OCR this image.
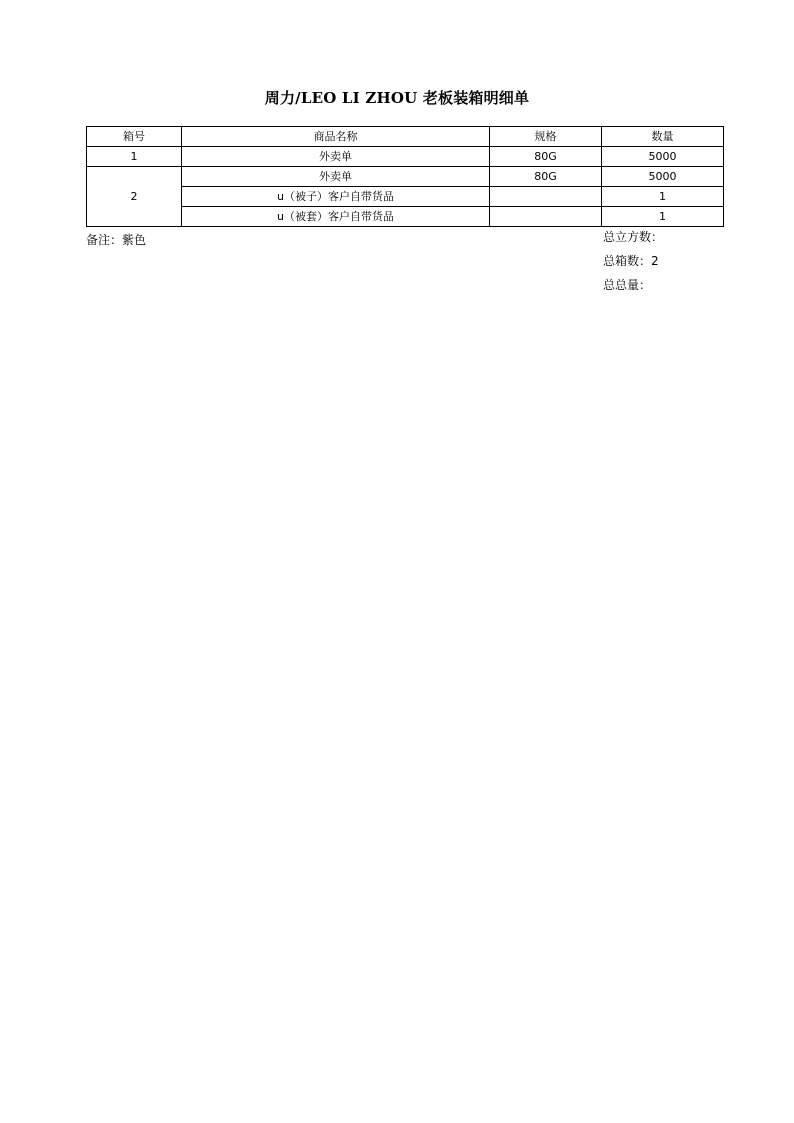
周力/LEO LI ZHOU 老板装箱明细单
箱号	商品名称	规格	数量
1	外卖单	80G	5000
2	外卖单	80G	5000
	u（被子）客户自带货品		1
	u（被套）客户自带货品		1
备注：紫色	总立方数：
总箱数：2
总总量：
